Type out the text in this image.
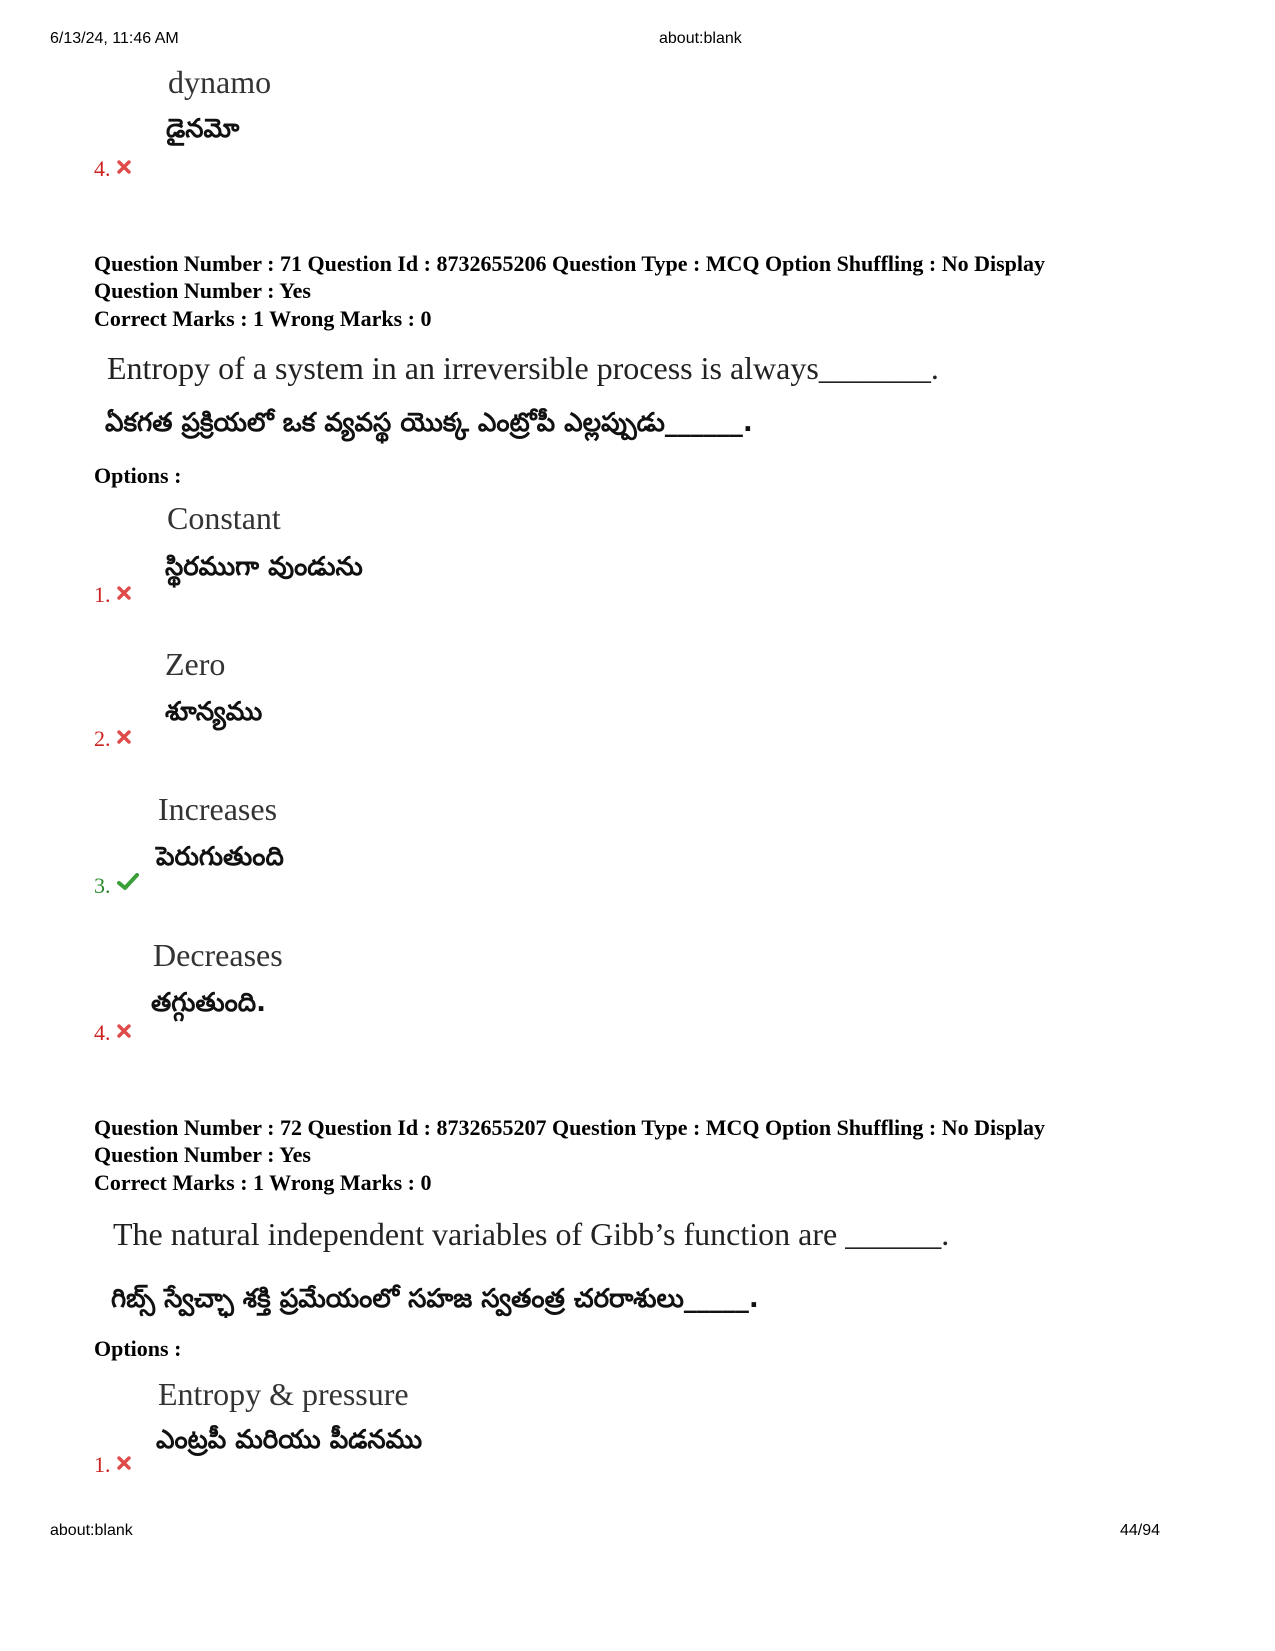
6/13/24, 11:46 AM	about:blank
dynamo
డైనమో
4.
Question Number : 71 Question Id : 8732655206 Question Type : MCQ Option Shuffling : No Display
Question Number : Yes
Correct Marks : 1 Wrong Marks : 0
Entropy of a system in an irreversible process is always_______.
ఏకగత ప్రక్రియలో ఒక వ్యవస్థ యొక్క ఎంట్రోపీ ఎల్లప్పుడు______.
Options :
Constant
స్థిరముగా వుండును
1.
Zero
శూన్యము
2.
Increases
పెరుగుతుంది
3.
Decreases
తగ్గుతుంది.
4.
Question Number : 72 Question Id : 8732655207 Question Type : MCQ Option Shuffling : No Display
Question Number : Yes
Correct Marks : 1 Wrong Marks : 0
The natural independent variables of Gibb’s function are ______.
గిబ్స్ స్వేచ్ఛా శక్తి ప్రమేయంలో సహజ స్వతంత్ర చరరాశులు_____.
Options :
Entropy & pressure
ఎంట్రపీ మరియు పీడనము
1.
about:blank	44/94
